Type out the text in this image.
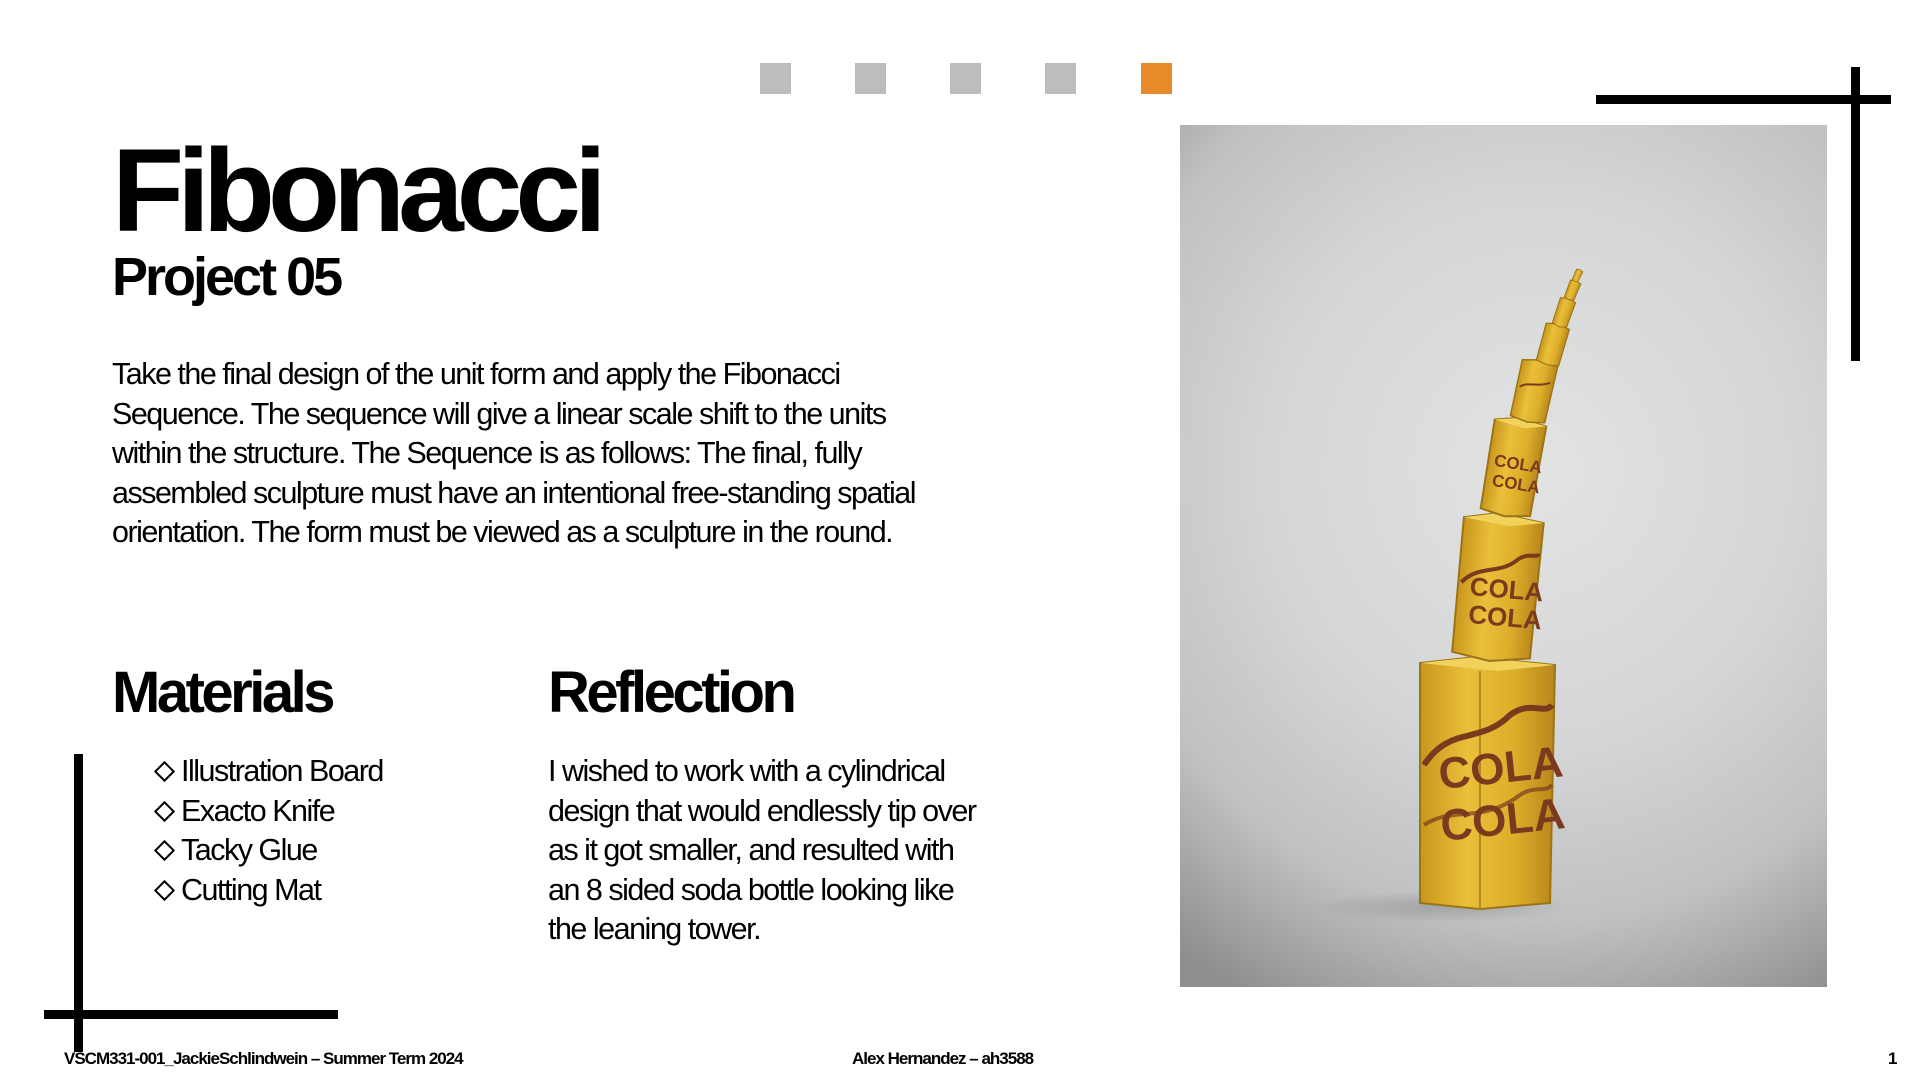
Fibonacci
Project 05

Take the final design of the unit form and apply the Fibonacci Sequence. The sequence will give a linear scale shift to the units within the structure. The Sequence is as follows: The final, fully assembled sculpture must have an intentional free-standing spatial orientation. The form must be viewed as a sculpture in the round.

Materials
Illustration Board
Exacto Knife
Tacky Glue
Cutting Mat
Reflection

I wished to work with a cylindrical design that would endlessly tip over as it got smaller, and resulted with an 8 sided soda bottle looking like the leaning tower.

COLA
COLA
COLA
COLA
COLA
COLA

VSCM331-001_JackieSchlindwein – Summer Term 2024	Alex Hernandez – ah3588	1
